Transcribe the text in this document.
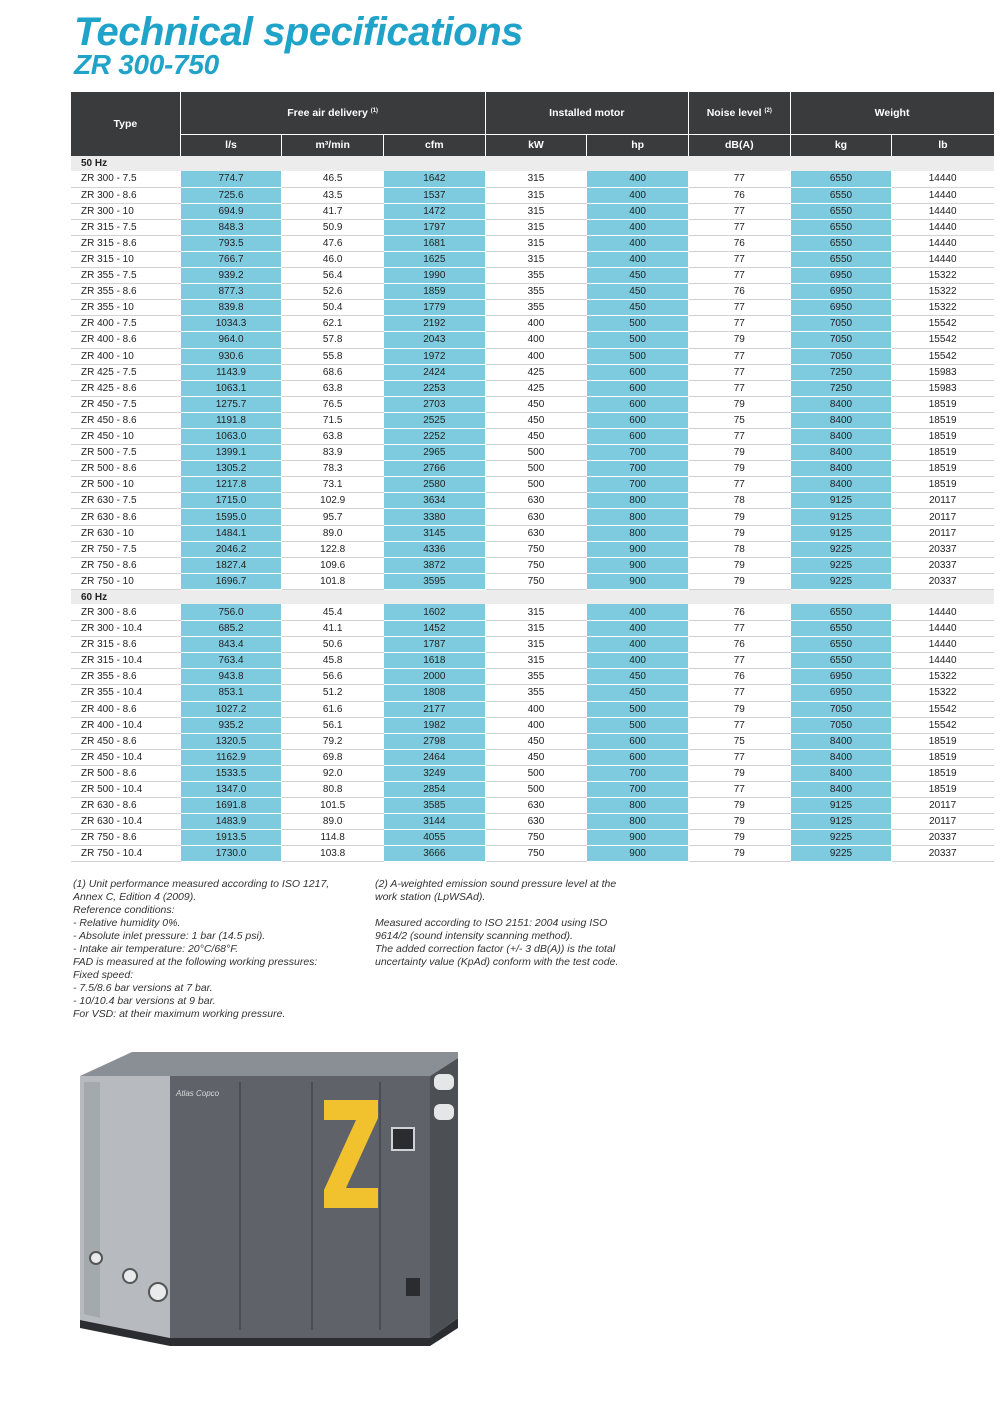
Technical specifications
ZR 300-750
Type	Free air delivery $^{(1)}$			Installed motor		Noise level $^{(2)}$	Weight	
	l/s	m³/min	cfm	kW	hp	dB(A)	kg	lb
50 Hz								
ZR 300 - 7.5	774.7	46.5	1642	315	400	77	6550	14440
ZR 300 - 8.6	725.6	43.5	1537	315	400	76	6550	14440
ZR 300 - 10	694.9	41.7	1472	315	400	77	6550	14440
ZR 315 - 7.5	848.3	50.9	1797	315	400	77	6550	14440
ZR 315 - 8.6	793.5	47.6	1681	315	400	76	6550	14440
ZR 315 - 10	766.7	46.0	1625	315	400	77	6550	14440
ZR 355 - 7.5	939.2	56.4	1990	355	450	77	6950	15322
ZR 355 - 8.6	877.3	52.6	1859	355	450	76	6950	15322
ZR 355 - 10	839.8	50.4	1779	355	450	77	6950	15322
ZR 400 - 7.5	1034.3	62.1	2192	400	500	77	7050	15542
ZR 400 - 8.6	964.0	57.8	2043	400	500	79	7050	15542
ZR 400 - 10	930.6	55.8	1972	400	500	77	7050	15542
ZR 425 - 7.5	1143.9	68.6	2424	425	600	77	7250	15983
ZR 425 - 8.6	1063.1	63.8	2253	425	600	77	7250	15983
ZR 450 - 7.5	1275.7	76.5	2703	450	600	79	8400	18519
ZR 450 - 8.6	1191.8	71.5	2525	450	600	75	8400	18519
ZR 450 - 10	1063.0	63.8	2252	450	600	77	8400	18519
ZR 500 - 7.5	1399.1	83.9	2965	500	700	79	8400	18519
ZR 500 - 8.6	1305.2	78.3	2766	500	700	79	8400	18519
ZR 500 - 10	1217.8	73.1	2580	500	700	77	8400	18519
ZR 630 - 7.5	1715.0	102.9	3634	630	800	78	9125	20117
ZR 630 - 8.6	1595.0	95.7	3380	630	800	79	9125	20117
ZR 630 - 10	1484.1	89.0	3145	630	800	79	9125	20117
ZR 750 - 7.5	2046.2	122.8	4336	750	900	78	9225	20337
ZR 750 - 8.6	1827.4	109.6	3872	750	900	79	9225	20337
ZR 750 - 10	1696.7	101.8	3595	750	900	79	9225	20337
60 Hz								
ZR 300 - 8.6	756.0	45.4	1602	315	400	76	6550	14440
ZR 300 - 10.4	685.2	41.1	1452	315	400	77	6550	14440
ZR 315 - 8.6	843.4	50.6	1787	315	400	76	6550	14440
ZR 315 - 10.4	763.4	45.8	1618	315	400	77	6550	14440
ZR 355 - 8.6	943.8	56.6	2000	355	450	76	6950	15322
ZR 355 - 10.4	853.1	51.2	1808	355	450	77	6950	15322
ZR 400 - 8.6	1027.2	61.6	2177	400	500	79	7050	15542
ZR 400 - 10.4	935.2	56.1	1982	400	500	77	7050	15542
ZR 450 - 8.6	1320.5	79.2	2798	450	600	75	8400	18519
ZR 450 - 10.4	1162.9	69.8	2464	450	600	77	8400	18519
ZR 500 - 8.6	1533.5	92.0	3249	500	700	79	8400	18519
ZR 500 - 10.4	1347.0	80.8	2854	500	700	77	8400	18519
ZR 630 - 8.6	1691.8	101.5	3585	630	800	79	9125	20117
ZR 630 - 10.4	1483.9	89.0	3144	630	800	79	9125	20117
ZR 750 - 8.6	1913.5	114.8	4055	750	900	79	9225	20337
ZR 750 - 10.4	1730.0	103.8	3666	750	900	79	9225	20337

(1) Unit performance measured according to ISO 1217,

Annex C, Edition 4 (2009).

Reference conditions:

- Relative humidity 0%.

- Absolute inlet pressure: 1 bar (14.5 psi).

- Intake air temperature: 20°C/68°F.

FAD is measured at the following working pressures:

Fixed speed:

- 7.5/8.6 bar versions at 7 bar.

- 10/10.4 bar versions at 9 bar.

For VSD: at their maximum working pressure.

(2) A-weighted emission sound pressure level at the

work station (LpWSAd).

Measured according to ISO 2151: 2004 using ISO

9614/2 (sound intensity scanning method).

The added correction factor (+/- 3 dB(A)) is the total

uncertainty value (KpAd) conform with the test code.

Atlas Copco
